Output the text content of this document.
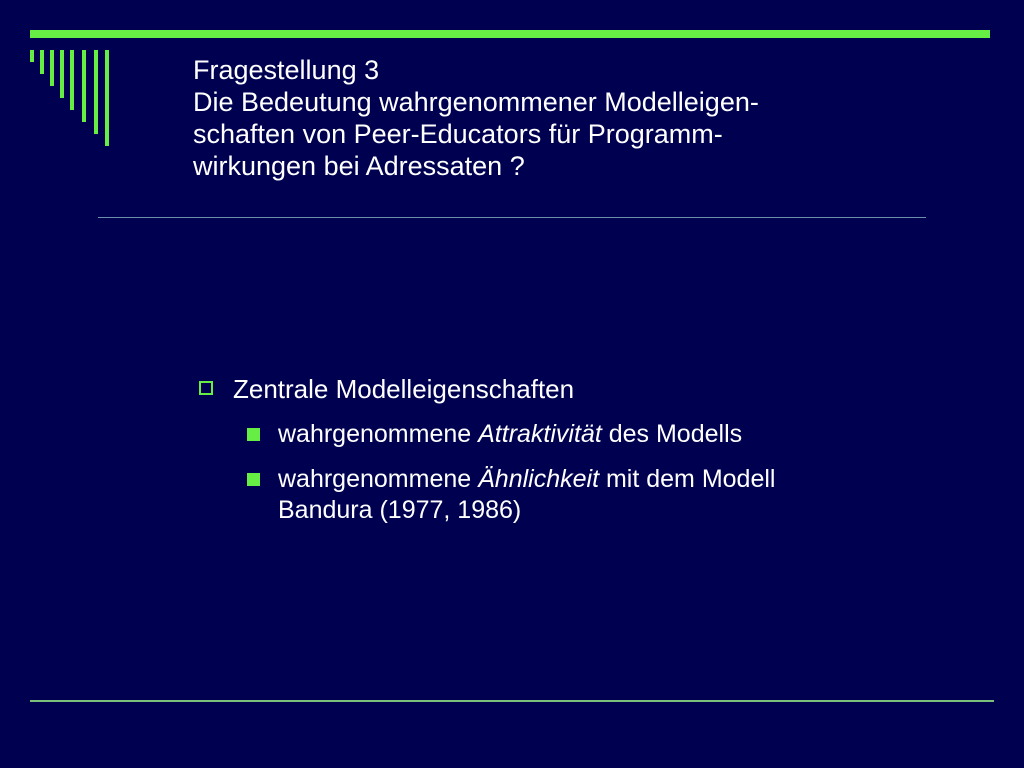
Fragestellung 3
Die Bedeutung wahrgenommener Modelleigen-
schaften von Peer-Educators für Programm-
wirkungen bei Adressaten ?
Zentrale Modelleigenschaften
wahrgenommene Attraktivität des Modells
wahrgenommene Ähnlichkeit mit dem Modell
Bandura (1977, 1986)
